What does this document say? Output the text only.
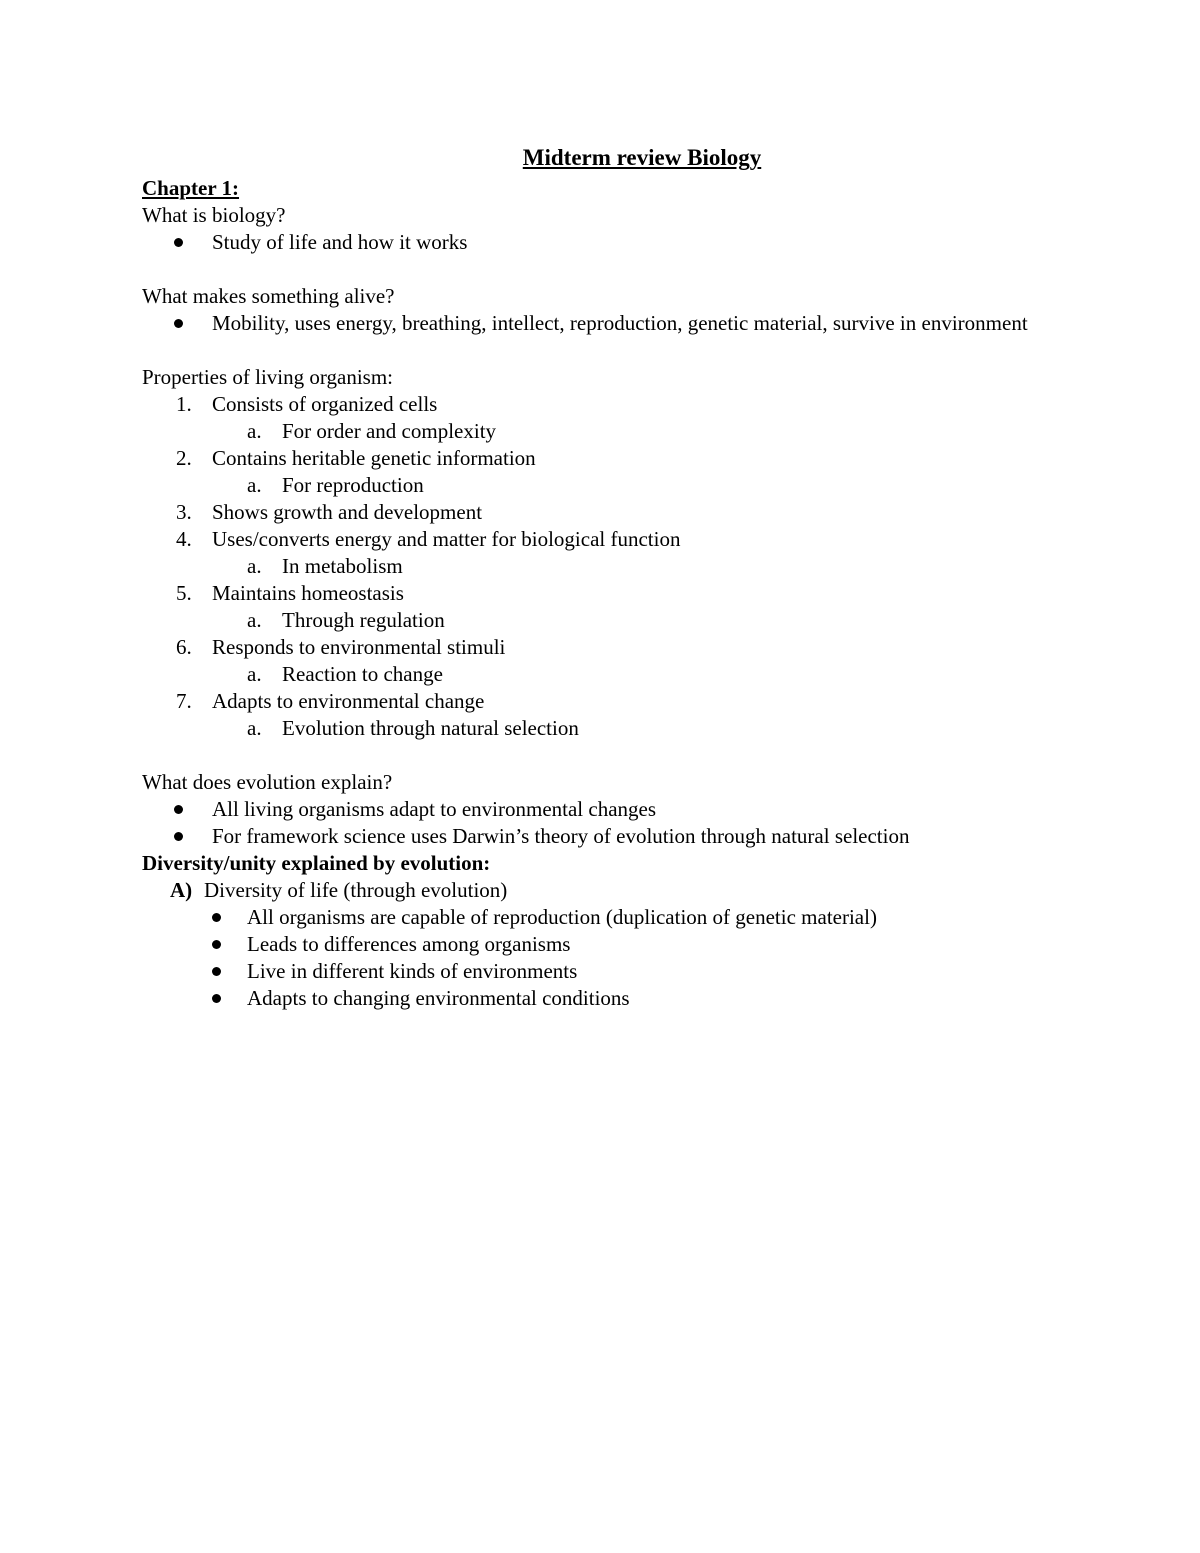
Midterm review Biology
Chapter 1:
What is biology?
Study of life and how it works
What makes something alive?
Mobility, uses energy, breathing, intellect, reproduction, genetic material, survive in environment
Properties of living organism:
1. Consists of organized cells
a. For order and complexity
2. Contains heritable genetic information
a. For reproduction
3. Shows growth and development
4. Uses/converts energy and matter for biological function
a. In metabolism
5. Maintains homeostasis
a. Through regulation
6. Responds to environmental stimuli
a. Reaction to change
7. Adapts to environmental change
a. Evolution through natural selection
What does evolution explain?
All living organisms adapt to environmental changes
For framework science uses Darwin’s theory of evolution through natural selection
Diversity/unity explained by evolution:
A) Diversity of life (through evolution)
All organisms are capable of reproduction (duplication of genetic material)
Leads to differences among organisms
Live in different kinds of environments
Adapts to changing environmental conditions
